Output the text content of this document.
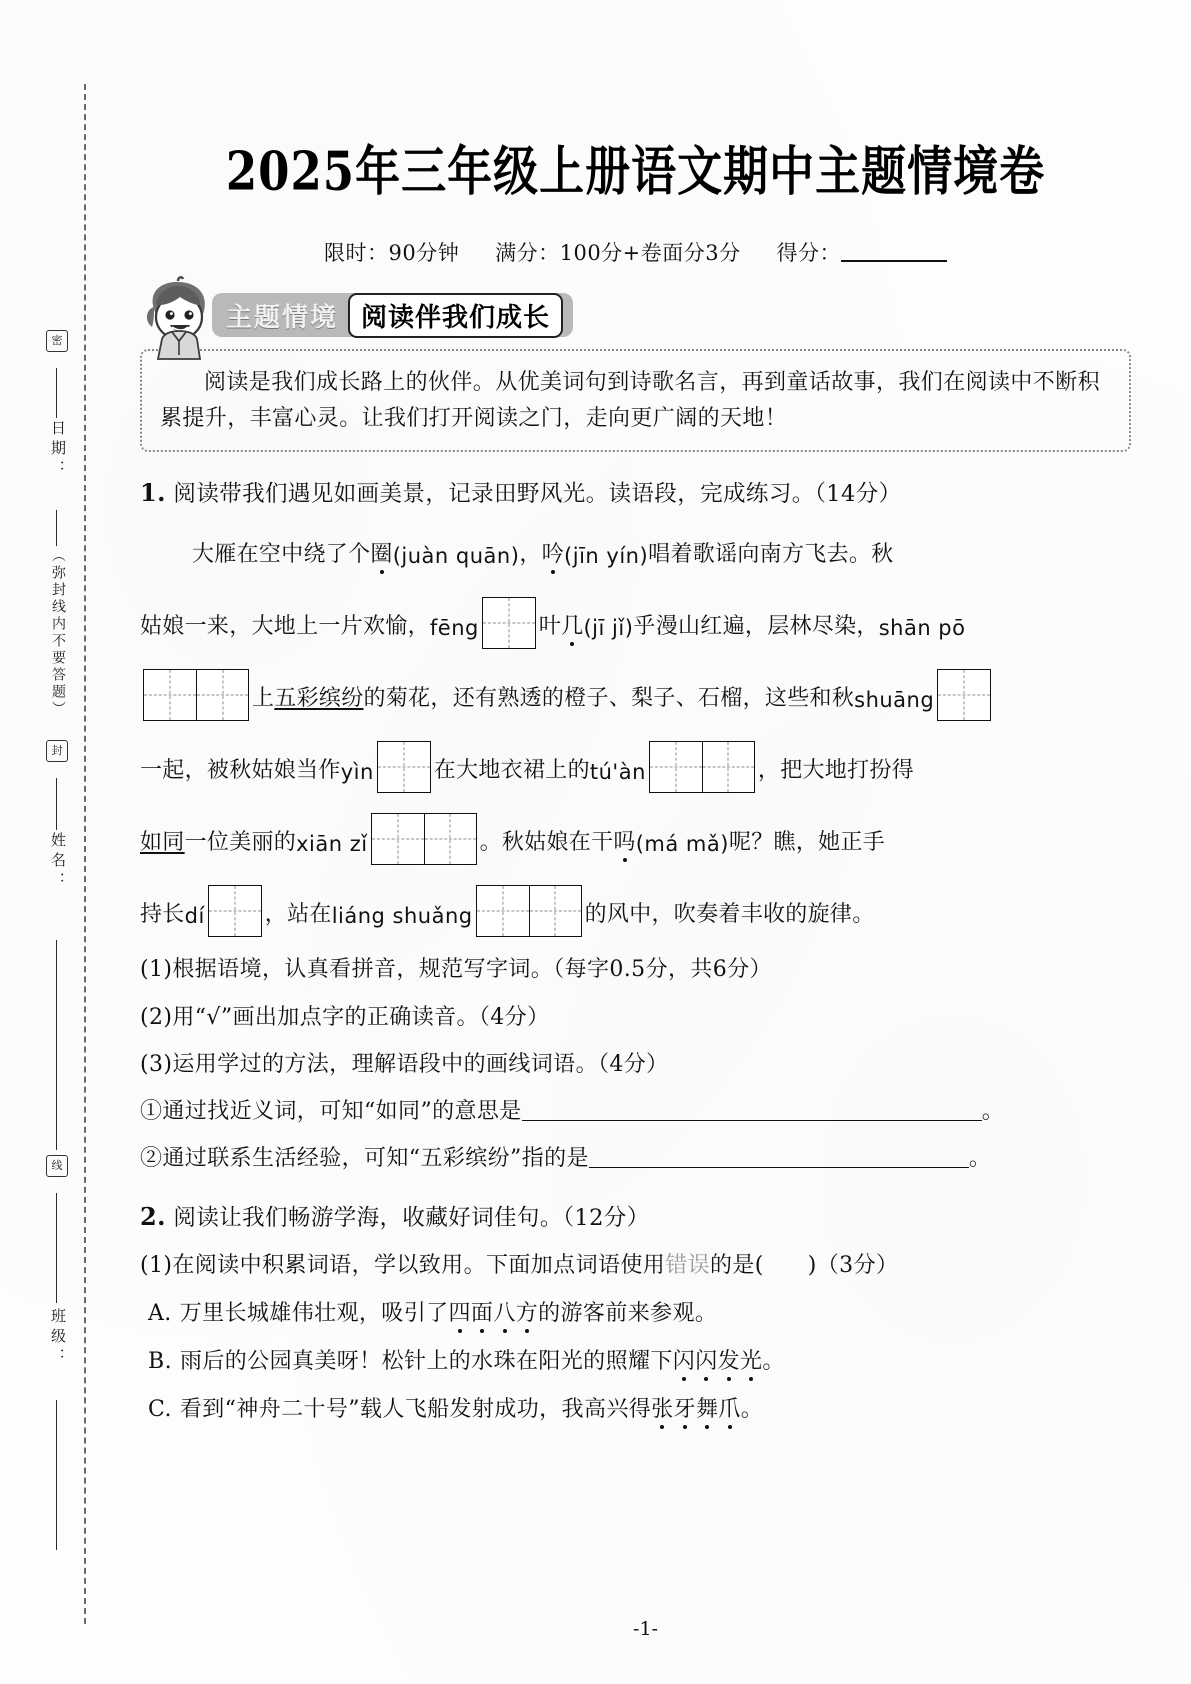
密
日期：
（弥封线内不要答题）
封
姓名：
线
班级：
2025年三年级上册语文期中主题情境卷
限时：90分钟 满分：100分+卷面分3分 得分：
主题情境 阅读伴我们成长

阅读是我们成长路上的伙伴。从优美词句到诗歌名言，再到童话故事，我们在阅读中不断积累提升，丰富心灵。让我们打开阅读之门，走向更广阔的天地！

1. 阅读带我们遇见如画美景，记录田野风光。读语段，完成练习。（14分）
大雁在空中绕了个 圈 (juàn quān) ， 吟 (jīn yín) 唱着歌谣向南方飞去。秋
姑娘一来，大地上一片欢愉， fēng	叶 几 (jī jǐ) 乎漫山红遍，层林尽染， shān pō
上 五彩缤纷 的菊花，还有熟透的橙子、梨子、石榴，这些和秋 shuāng
一起，被秋姑娘当作 yìn	在大地衣裙上的 tú'àn	，把大地打扮得
如同 一位美丽的 xiān zǐ	。秋姑娘在干 吗 (má mǎ) 呢？瞧，她正手
持长 dí	，站在 liáng shuǎng	的风中，吹奏着丰收的旋律。
(1)根据语境，认真看拼音，规范写字词。（每字0.5分，共6分）
(2)用“√”画出加点字的正确读音。（4分）
(3)运用学过的方法，理解语段中的画线词语。（4分）
①通过找近义词，可知“如同”的意思是	。
②通过联系生活经验，可知“五彩缤纷”指的是	。
2. 阅读让我们畅游学海，收藏好词佳句。（12分）
(1)在阅读中积累词语，学以致用。下面加点词语使用错误的是( )（3分）
A. 万里长城雄伟壮观，吸引了四面八方的游客前来参观。
B. 雨后的公园真美呀！松针上的水珠在阳光的照耀下闪闪发光。
C. 看到“神舟二十号”载人飞船发射成功，我高兴得张牙舞爪。
-1-
